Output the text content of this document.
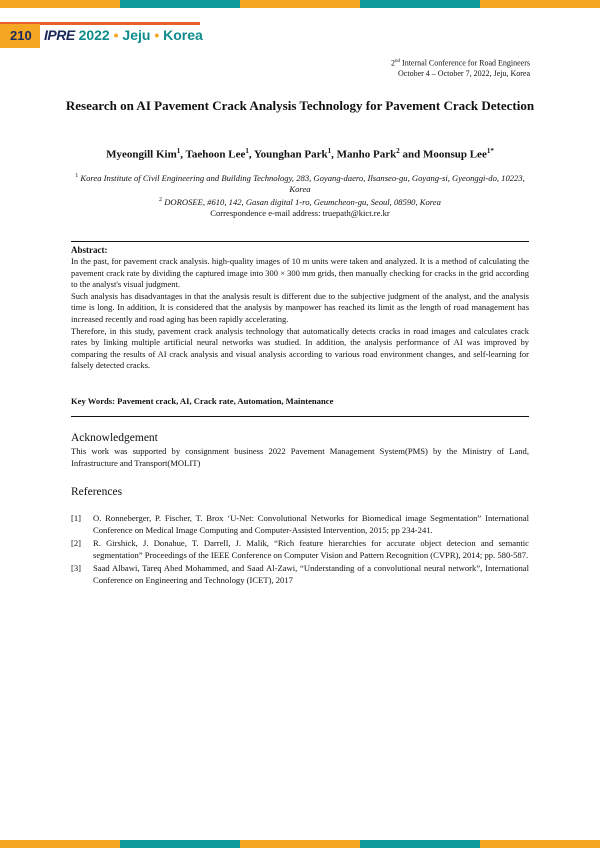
210 IPRE 2022 • Jeju • Korea
2nd Internal Conference for Road Engineers
October 4 – October 7, 2022, Jeju, Korea
Research on AI Pavement Crack Analysis Technology for Pavement Crack Detection
Myeongill Kim$^1$, Taehoon Lee$^1$, Younghan Park$^1$, Manho Park$^2$ and Moonsup Lee$^{1*}$
$^1$ Korea Institute of Civil Engineering and Building Technology, 283, Goyang-daero, Ilsanseo-gu, Goyang-si, Gyeonggi-do, 10223, Korea
$^2$ DOROSEE, #610, 142, Gasan digital 1-ro, Geumcheon-gu, Seoul, 08590, Korea
Correspondence e-mail address: truepath@kict.re.kr
Abstract:

In the past, for pavement crack analysis. high-quality images of 10 m units were taken and analyzed. It is a method of calculating the pavement crack rate by dividing the captured image into 300 × 300 mm grids, then manually checking for cracks in the grid according to the analyst's visual judgment.

Such analysis has disadvantages in that the analysis result is different due to the subjective judgment of the analyst, and the analysis time is long. In addition, It is considered that the analysis by manpower has reached its limit as the length of road management has increased recently and road aging has been rapidly accelerating.

Therefore, in this study, pavement crack analysis technology that automatically detects cracks in road images and calculates crack rates by linking multiple artificial neural networks was studied. In addition, the analysis performance of AI was improved by comparing the results of AI crack analysis and visual analysis according to various road environment changes, and self-learning for falsely detected cracks.

Key Words: Pavement crack, AI, Crack rate, Automation, Maintenance
Acknowledgement
This work was supported by consignment business 2022 Pavement Management System(PMS) by the Ministry of Land, Infrastructure and Transport(MOLIT)
References
[1]	O. Ronneberger, P. Fischer, T. Brox ‘U-Net: Convolutional Networks for Biomedical image Segmentation” International Conference on Medical Image Computing and Computer-Assisted Intervention, 2015; pp 234-241.
[2]	R. Girshick, J. Donahue, T. Darrell, J. Malik, “Rich feature hierarchies for accurate object detecion and semantic segmentation” Proceedings of the IEEE Conference on Computer Vision and Pattern Recognition (CVPR), 2014; pp. 580-587.
[3]	Saad Albawi, Tareq Abed Mohammed, and Saad Al-Zawi, “Understanding of a convolutional neural network”, International Conference on Engineering and Technology (ICET), 2017
